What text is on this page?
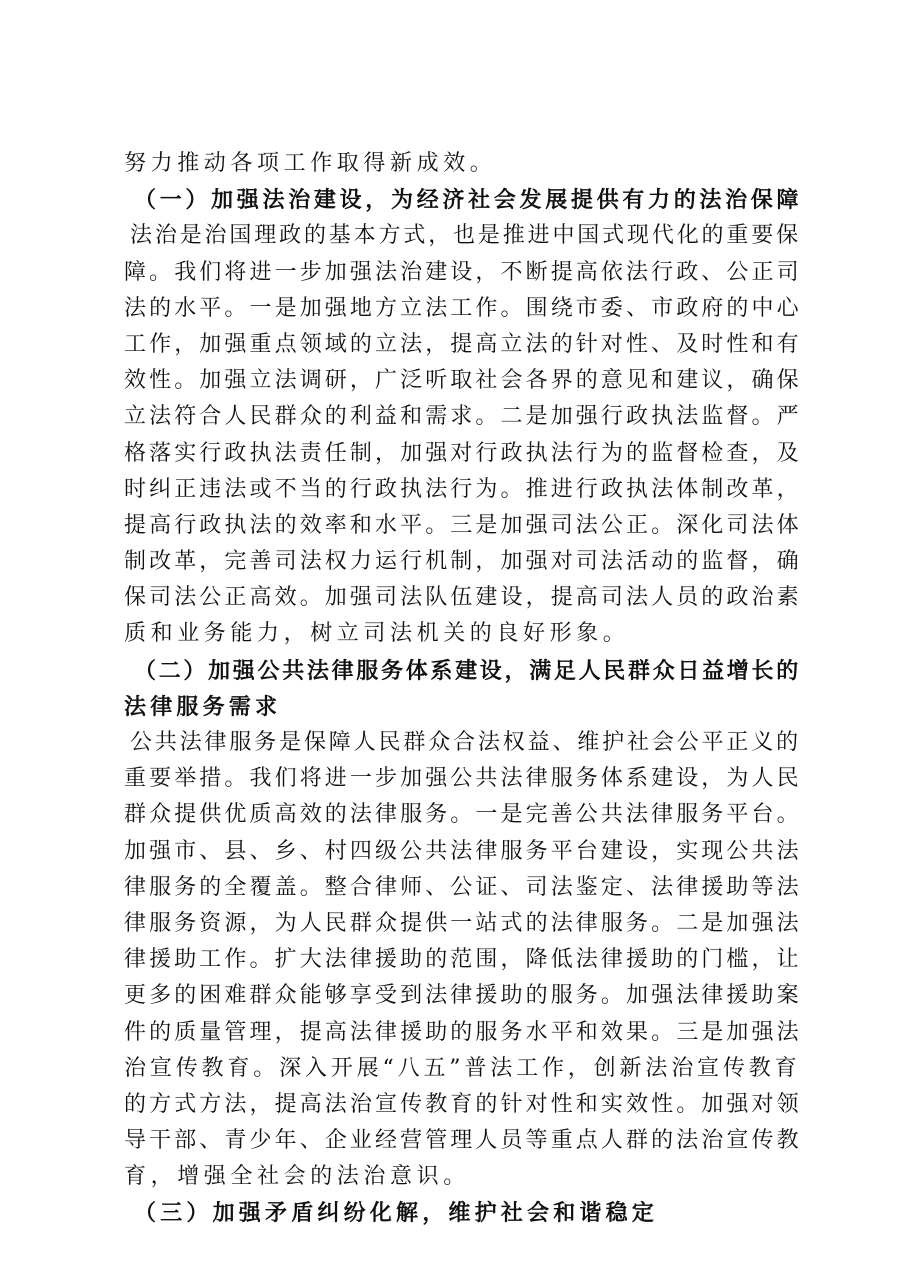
努力推动各项工作取得新成效。
（一）加强法治建设，为经济社会发展提供有力的法治保障
法治是治国理政的基本方式，也是推进中国式现代化的重要保
障。我们将进一步加强法治建设，不断提高依法行政、公正司
法的水平。一是加强地方立法工作。围绕市委、市政府的中心
工作，加强重点领域的立法，提高立法的针对性、及时性和有
效性。加强立法调研，广泛听取社会各界的意见和建议，确保
立法符合人民群众的利益和需求。二是加强行政执法监督。严
格落实行政执法责任制，加强对行政执法行为的监督检查，及
时纠正违法或不当的行政执法行为。推进行政执法体制改革，
提高行政执法的效率和水平。三是加强司法公正。深化司法体
制改革，完善司法权力运行机制，加强对司法活动的监督，确
保司法公正高效。加强司法队伍建设，提高司法人员的政治素
质和业务能力，树立司法机关的良好形象。
（二）加强公共法律服务体系建设，满足人民群众日益增长的
法律服务需求
公共法律服务是保障人民群众合法权益、维护社会公平正义的
重要举措。我们将进一步加强公共法律服务体系建设，为人民
群众提供优质高效的法律服务。一是完善公共法律服务平台。
加强市、县、乡、村四级公共法律服务平台建设，实现公共法
律服务的全覆盖。整合律师、公证、司法鉴定、法律援助等法
律服务资源，为人民群众提供一站式的法律服务。二是加强法
律援助工作。扩大法律援助的范围，降低法律援助的门槛，让
更多的困难群众能够享受到法律援助的服务。加强法律援助案
件的质量管理，提高法律援助的服务水平和效果。三是加强法
治宣传教育。深入开展“八五”普法工作，创新法治宣传教育
的方式方法，提高法治宣传教育的针对性和实效性。加强对领
导干部、青少年、企业经营管理人员等重点人群的法治宣传教
育，增强全社会的法治意识。
（三）加强矛盾纠纷化解，维护社会和谐稳定
